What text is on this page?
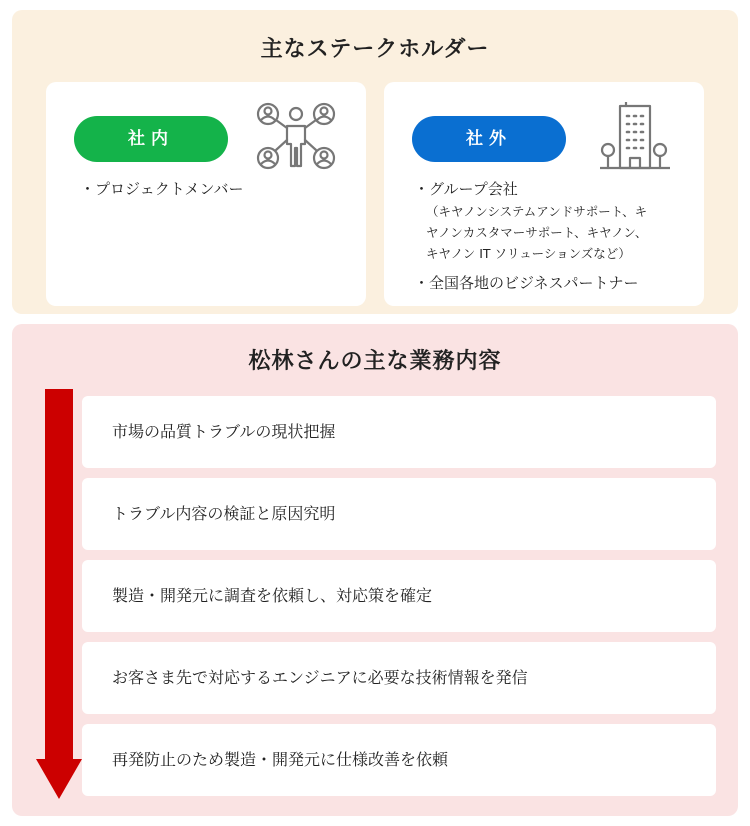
主なステークホルダー
社内
・プロジェクトメンバー
社外
・グループ会社
（キヤノンシステムアンドサポート、キ
ヤノンカスタマーサポート、キヤノン、
キヤノン IT ソリューションズなど）
・全国各地のビジネスパートナー
松林さんの主な業務内容
市場の品質トラブルの現状把握
トラブル内容の検証と原因究明
製造・開発元に調査を依頼し、対応策を確定
お客さま先で対応するエンジニアに必要な技術情報を発信
再発防止のため製造・開発元に仕様改善を依頼
